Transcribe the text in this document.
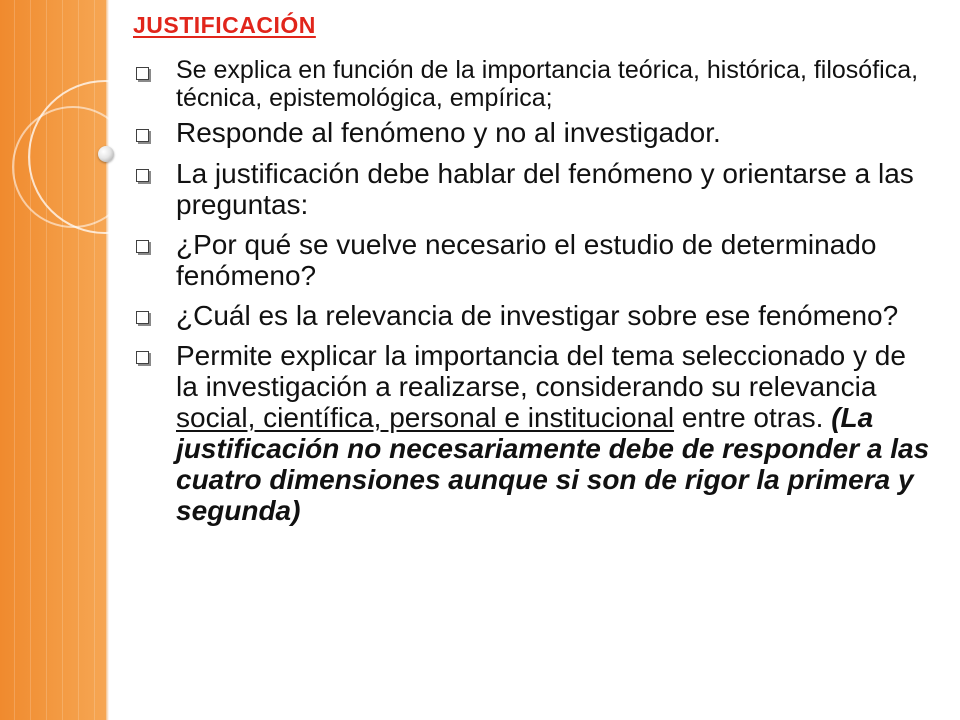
JUSTIFICACIÓN
Se explica en función de la importancia teórica, histórica, filosófica, técnica, epistemológica, empírica;
Responde al fenómeno y no al investigador.
La justificación debe hablar del fenómeno y orientarse a las preguntas:
¿Por qué se vuelve necesario el estudio de determinado fenómeno?
¿Cuál es la relevancia de investigar sobre ese fenómeno?
Permite explicar la importancia del tema seleccionado y de la investigación a realizarse, considerando su relevancia social, científica, personal e institucional entre otras. (La justificación no necesariamente debe de responder a las cuatro dimensiones aunque si son de rigor la primera y segunda)
